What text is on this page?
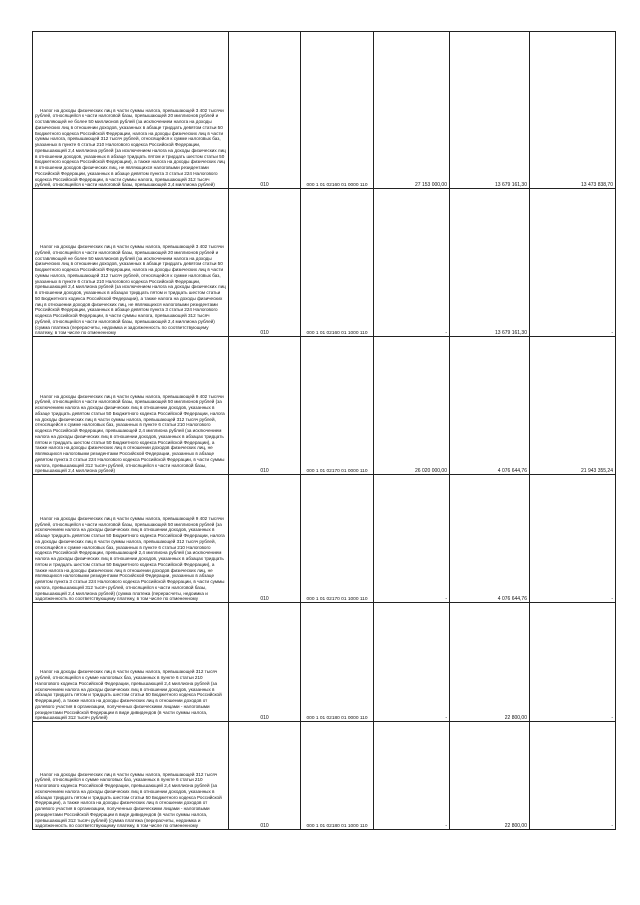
Налог на доходы физических лиц в части суммы налога, превышающей 3 402 тысячи рублей, относящейся к части налоговой базы, превышающей 20 миллионов рублей и составляющей не более 50 миллионов рублей (за исключением налога на доходы физических лиц в отношении доходов, указанных в абзаце тридцать девятом статьи 50 Бюджетного кодекса Российской Федерации, налога на доходы физических лиц в части суммы налога, превышающей 312 тысяч рублей, относящейся к сумме налоговых баз, указанных в пункте 6 статьи 210 Налогового кодекса Российской Федерации, превышающей 2,4 миллиона рублей (за исключением налога на доходы физических лиц в отношении доходов, указанных в абзаце тридцать пятом и тридцать шестом статьи 50 Бюджетного кодекса Российской Федерации), а также налога на доходы физических лиц в отношении доходов физических лиц, не являющихся налоговыми резидентами Российской Федерации, указанных в абзаце девятом пункта 3 статьи 224 Налогового кодекса Российской Федерации, в части суммы налога, превышающей 312 тысяч рублей, относящейся к части налоговой базы, превышающей 2,4 миллиона рублей)	010	000 1 01 02160 01 0000 110	27 153 000,00	13 679 161,30	13 473 838,70
Налог на доходы физических лиц в части суммы налога, превышающей 3 402 тысячи рублей, относящейся к части налоговой базы, превышающей 20 миллионов рублей и составляющей не более 50 миллионов рублей (за исключением налога на доходы физических лиц в отношении доходов, указанных в абзаце тридцать девятом статьи 50 Бюджетного кодекса Российской Федерации, налога на доходы физических лиц в части суммы налога, превышающей 312 тысяч рублей, относящейся к сумме налоговых баз, указанных в пункте 6 статьи 210 Налогового кодекса Российской Федерации, превышающей 2,4 миллиона рублей (за исключением налога на доходы физических лиц в отношении доходов, указанных в абзацах тридцать пятом и тридцать шестом статьи 50 Бюджетного кодекса Российской Федерации), а также налога на доходы физических лиц в отношении доходов физических лиц, не являющихся налоговыми резидентами Российской Федерации, указанных в абзаце девятом пункта 3 статьи 224 Налогового кодекса Российской Федерации, в части суммы налога, превышающей 312 тысяч рублей, относящейся к части налоговой базы, превышающей 2,4 миллиона рублей) (сумма платежа (перерасчеты, недоимка и задолженность по соответствующему платежу, в том числе по отмененному	010	000 1 01 02160 01 1000 110	-	13 679 161,30	-
Налог на доходы физических лиц в части суммы налога, превышающей 9 402 тысячи рублей, относящейся к части налоговой базы, превышающей 50 миллионов рублей (за исключением налога на доходы физических лиц в отношении доходов, указанных в абзаце тридцать девятом статьи 50 Бюджетного кодекса Российской Федерации, налога на доходы физических лиц в части суммы налога, превышающей 312 тысяч рублей, относящейся к сумме налоговых баз, указанных в пункте 6 статьи 210 Налогового кодекса Российской Федерации, превышающей 2,4 миллиона рублей (за исключением налога на доходы физических лиц в отношении доходов, указанных в абзацах тридцать пятом и тридцать шестом статьи 50 Бюджетного кодекса Российской Федерации), а также налога на доходы физических лиц в отношении доходов физических лиц, не являющихся налоговыми резидентами Российской Федерации, указанных в абзаце девятом пункта 3 статьи 224 Налогового кодекса Российской Федерации, в части суммы налога, превышающей 312 тысяч рублей, относящейся к части налоговой базы, превышающей 2,4 миллиона рублей)	010	000 1 01 02170 01 0000 110	26 020 000,00	4 076 644,76	21 943 355,24
Налог на доходы физических лиц в части суммы налога, превышающей 9 402 тысячи рублей, относящейся к части налоговой базы, превышающей 50 миллионов рублей (за исключением налога на доходы физических лиц в отношении доходов, указанных в абзаце тридцать девятом статьи 50 Бюджетного кодекса Российской Федерации, налога на доходы физических лиц в части суммы налога, превышающей 312 тысяч рублей, относящейся к сумме налоговых баз, указанных в пункте 6 статьи 210 Налогового кодекса Российской Федерации, превышающей 2,4 миллиона рублей (за исключением налога на доходы физических лиц в отношении доходов, указанных в абзацах тридцать пятом и тридцать шестом статьи 50 Бюджетного кодекса Российской Федерации), а также налога на доходы физических лиц в отношении доходов физических лиц, не являющихся налоговыми резидентами Российской Федерации, указанных в абзаце девятом пункта 3 статьи 224 Налогового кодекса Российской Федерации, в части суммы налога, превышающей 312 тысяч рублей, относящейся к части налоговой базы, превышающей 2,4 миллиона рублей) (сумма платежа (перерасчеты, недоимка и задолженность по соответствующему платежу, в том числе по отмененному	010	000 1 01 02170 01 1000 110	-	4 076 644,76	-
Налог на доходы физических лиц в части суммы налога, превышающей 312 тысяч рублей, относящейся к сумме налоговых баз, указанных в пункте 6 статьи 210 Налогового кодекса Российской Федерации, превышающей 2,4 миллиона рублей (за исключением налога на доходы физических лиц в отношении доходов, указанных в абзацах тридцать пятом и тридцать шестом статьи 50 Бюджетного кодекса Российской Федерации), а также налога на доходы физических лиц в отношении доходов от долевого участия в организации, полученных физическими лицами - налоговыми резидентами Российской Федерации в виде дивидендов (в части суммы налога, превышающей 312 тысяч рублей)	010	000 1 01 02180 01 0000 110	-	22 800,00	-
Налог на доходы физических лиц в части суммы налога, превышающей 312 тысяч рублей, относящейся к сумме налоговых баз, указанных в пункте 6 статьи 210 Налогового кодекса Российской Федерации, превышающей 2,4 миллиона рублей (за исключением налога на доходы физических лиц в отношении доходов, указанных в абзацах тридцать пятом и тридцать шестом статьи 50 Бюджетного кодекса Российской Федерации), а также налога на доходы физических лиц в отношении доходов от долевого участия в организации, полученных физическими лицами - налоговыми резидентами Российской Федерации в виде дивидендов (в части суммы налога, превышающей 312 тысяч рублей) (сумма платежа (перерасчеты, недоимка и задолженность по соответствующему платежу, в том числе по отмененному	010	000 1 01 02180 01 1000 110	-	22 800,00	-
